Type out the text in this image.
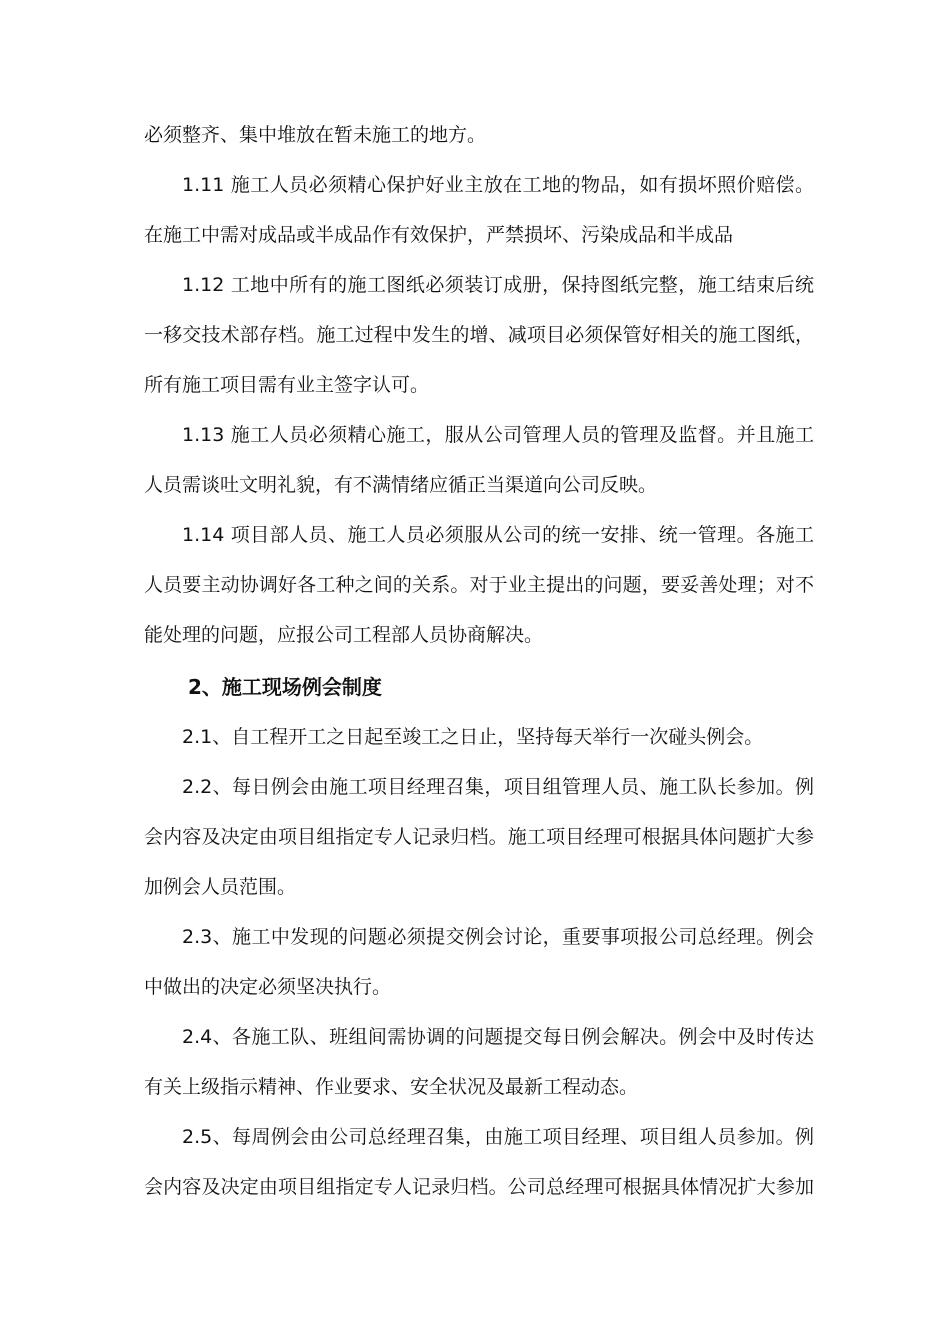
必须整齐、集中堆放在暂未施工的地方。
1.11 施工人员必须精心保护好业主放在工地的物品，如有损坏照价赔偿。
在施工中需对成品或半成品作有效保护，严禁损坏、污染成品和半成品
1.12 工地中所有的施工图纸必须装订成册，保持图纸完整，施工结束后统
一移交技术部存档。施工过程中发生的增、减项目必须保管好相关的施工图纸，
所有施工项目需有业主签字认可。
1.13 施工人员必须精心施工，服从公司管理人员的管理及监督。并且施工
人员需谈吐文明礼貌，有不满情绪应循正当渠道向公司反映。
1.14 项目部人员、施工人员必须服从公司的统一安排、统一管理。各施工
人员要主动协调好各工种之间的关系。对于业主提出的问题，要妥善处理；对不
能处理的问题，应报公司工程部人员协商解决。
2、施工现场例会制度
2.1、自工程开工之日起至竣工之日止，坚持每天举行一次碰头例会。
2.2、每日例会由施工项目经理召集，项目组管理人员、施工队长参加。例
会内容及决定由项目组指定专人记录归档。施工项目经理可根据具体问题扩大参
加例会人员范围。
2.3、施工中发现的问题必须提交例会讨论，重要事项报公司总经理。例会
中做出的决定必须坚决执行。
2.4、各施工队、班组间需协调的问题提交每日例会解决。例会中及时传达
有关上级指示精神、作业要求、安全状况及最新工程动态。
2.5、每周例会由公司总经理召集，由施工项目经理、项目组人员参加。例
会内容及决定由项目组指定专人记录归档。公司总经理可根据具体情况扩大参加
